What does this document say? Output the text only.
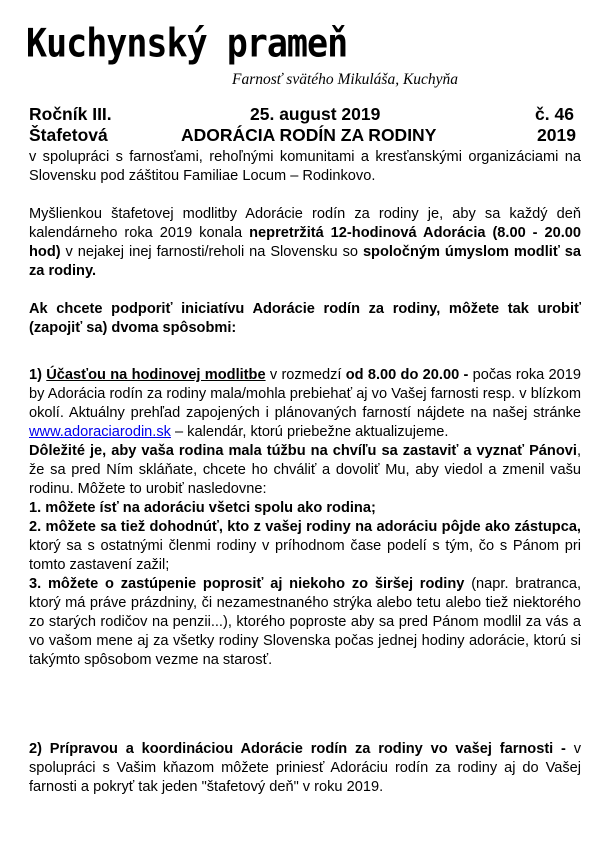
Kuchynský prameň
Farnosť svätého Mikuláša, Kuchyňa
Ročník III.	25. august 2019	č. 46
Štafetová	ADORÁCIA RODÍN ZA RODINY	2019

v spolupráci s farnosťami, rehoľnými komunitami a kresťanskými organizáciami na Slovensku pod záštitou Familiae Locum – Rodinkovo.

Myšlienkou štafetovej modlitby Adorácie rodín za rodiny je, aby sa každý deň kalendárneho roka 2019 konala nepretržitá 12-hodinová Adorácia (8.00 - 20.00 hod) v nejakej inej farnosti/reholi na Slovensku so spoločným úmyslom modliť sa za rodiny.

Ak chcete podporiť iniciatívu Adorácie rodín za rodiny, môžete tak urobiť (zapojiť sa) dvoma spôsobmi:

1) Účasťou na hodinovej modlitbe v rozmedzí od 8.00 do 20.00 - počas roka 2019 by Adorácia rodín za rodiny mala/mohla prebiehať aj vo Vašej farnosti resp. v blízkom okolí. Aktuálny prehľad zapojených i plánovaných farností nájdete na našej stránke www.adoraciarodin.sk – kalendár, ktorú priebežne aktualizujeme.
Dôležité je, aby vaša rodina mala túžbu na chvíľu sa zastaviť a vyznať Pánovi, že sa pred Ním skláňate, chcete ho chváliť a dovoliť Mu, aby viedol a zmenil vašu rodinu. Môžete to urobiť nasledovne:
1. môžete ísť na adoráciu všetci spolu ako rodina;
2. môžete sa tiež dohodnúť, kto z vašej rodiny na adoráciu pôjde ako zástupca, ktorý sa s ostatnými členmi rodiny v príhodnom čase podelí s tým, čo s Pánom pri tomto zastavení zažil;
3. môžete o zastúpenie poprosiť aj niekoho zo širšej rodiny (napr. bratranca, ktorý má práve prázdniny, či nezamestnaného strýka alebo tetu alebo tiež niektorého zo starých rodičov na penzii...), ktorého poproste aby sa pred Pánom modlil za vás a vo vašom mene aj za všetky rodiny Slovenska počas jednej hodiny adorácie, ktorú si takýmto spôsobom vezme na starosť.

2) Prípravou a koordináciou Adorácie rodín za rodiny vo vašej farnosti - v spolupráci s Vašim kňazom môžete priniesť Adoráciu rodín za rodiny aj do Vašej farnosti a pokryť tak jeden "štafetový deň" v roku 2019.
